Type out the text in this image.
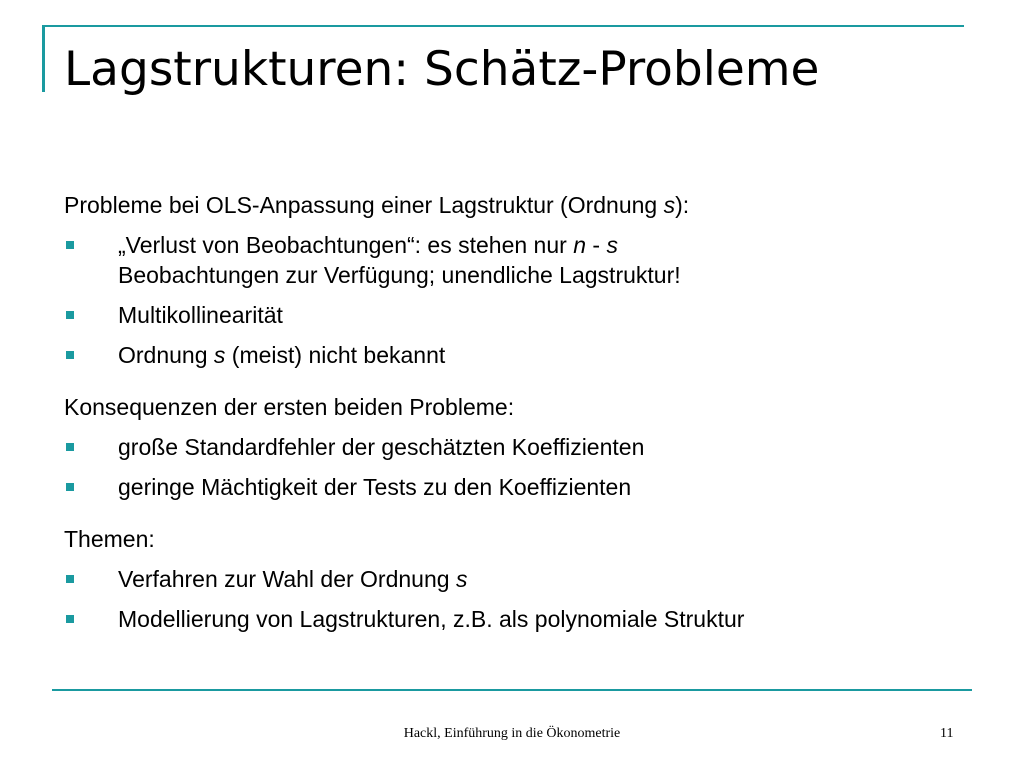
Lagstrukturen: Schätz-Probleme

Probleme bei OLS-Anpassung einer Lagstruktur (Ordnung s):

„Verlust von Beobachtungen“: es stehen nur n - s
Beobachtungen zur Verfügung; unendliche Lagstruktur!
Multikollinearität
Ordnung s (meist) nicht bekannt

Konsequenzen der ersten beiden Probleme:

große Standardfehler der geschätzten Koeffizienten
geringe Mächtigkeit der Tests zu den Koeffizienten

Themen:

Verfahren zur Wahl der Ordnung s
Modellierung von Lagstrukturen, z.B. als polynomiale Struktur
Hackl, Einführung in die Ökonometrie	11
